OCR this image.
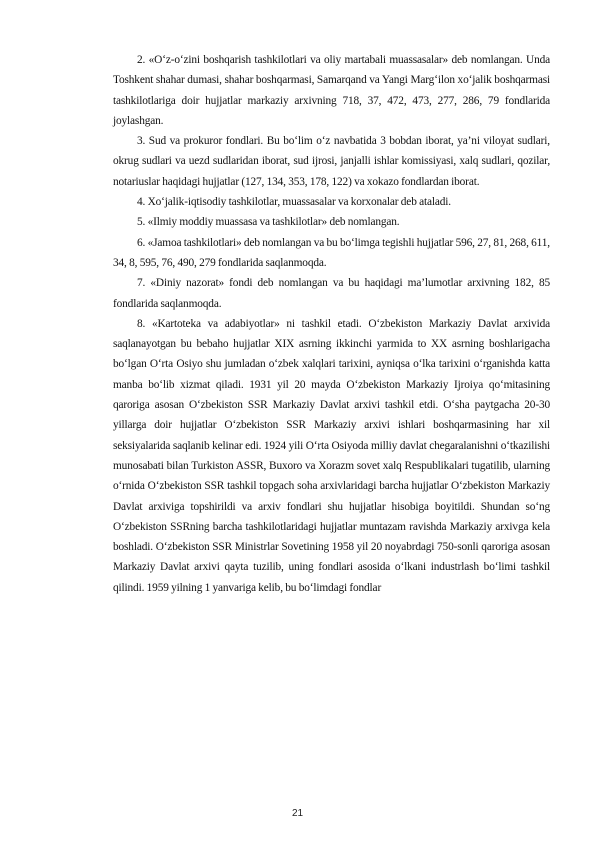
2. «O‘z-o‘zini boshqarish tashkilotlari va oliy martabali muassasalar» deb nomlangan. Unda Toshkent shahar dumasi, shahar boshqarmasi, Samarqand va Yangi Marg‘ilon xo‘jalik boshqarmasi tashkilotlariga doir hujjatlar markaziy arxivning 718, 37, 472, 473, 277, 286, 79 fondlarida joylashgan.

3. Sud va prokuror fondlari. Bu bo‘lim o‘z navbatida 3 bobdan iborat, ya’ni viloyat sudlari, okrug sudlari va uezd sudlaridan iborat, sud ijrosi, janjalli ishlar komissiyasi, xalq sudlari, qozilar, notariuslar haqidagi hujjatlar (127, 134, 353, 178, 122) va xokazo fondlardan iborat.

4. Xo‘jalik-iqtisodiy tashkilotlar, muassasalar va korxonalar deb ataladi.

5. «Ilmiy moddiy muassasa va tashkilotlar» deb nomlangan.

6. «Jamoa tashkilotlari» deb nomlangan va bu bo‘limga tegishli hujjatlar 596, 27, 81, 268, 611, 34, 8, 595, 76, 490, 279 fondlarida saqlanmoqda.

7. «Diniy nazorat» fondi deb nomlangan va bu haqidagi ma’lumotlar arxivning 182, 85 fondlarida saqlanmoqda.

8. «Kartoteka va adabiyotlar» ni tashkil etadi. O‘zbekiston Markaziy Davlat arxivida saqlanayotgan bu bebaho hujjatlar XIX asrning ikkinchi yarmida to XX asrning boshlarigacha bo‘lgan O‘rta Osiyo shu jumladan o‘zbek xalqlari tarixini, ayniqsa o‘lka tarixini o‘rganishda katta manba bo‘lib xizmat qiladi. 1931 yil 20 mayda O‘zbekiston Markaziy Ijroiya qo‘mitasining qaroriga asosan O‘zbekiston SSR Markaziy Davlat arxivi tashkil etdi. O‘sha paytgacha 20-30 yillarga doir hujjatlar O‘zbekiston SSR Markaziy arxivi ishlari boshqarmasining har xil seksiyalarida saqlanib kelinar edi. 1924 yili O‘rta Osiyoda milliy davlat chegaralanishni o‘tkazilishi munosabati bilan Turkiston ASSR, Buxoro va Xorazm sovet xalq Respublikalari tugatilib, ularning o‘rnida O‘zbekiston SSR tashkil topgach soha arxivlaridagi barcha hujjatlar O‘zbekiston Markaziy Davlat arxiviga topshirildi va arxiv fondlari shu hujjatlar hisobiga boyitildi. Shundan so‘ng O‘zbekiston SSRning barcha tashkilotlaridagi hujjatlar muntazam ravishda Markaziy arxivga kela boshladi. O‘zbekiston SSR Ministrlar Sovetining 1958 yil 20 noyabrdagi 750-sonli qaroriga asosan Markaziy Davlat arxivi qayta tuzilib, uning fondlari asosida o‘lkani industrlash bo‘limi tashkil qilindi. 1959 yilning 1 yanvariga kelib, bu bo‘limdagi fondlar

21
